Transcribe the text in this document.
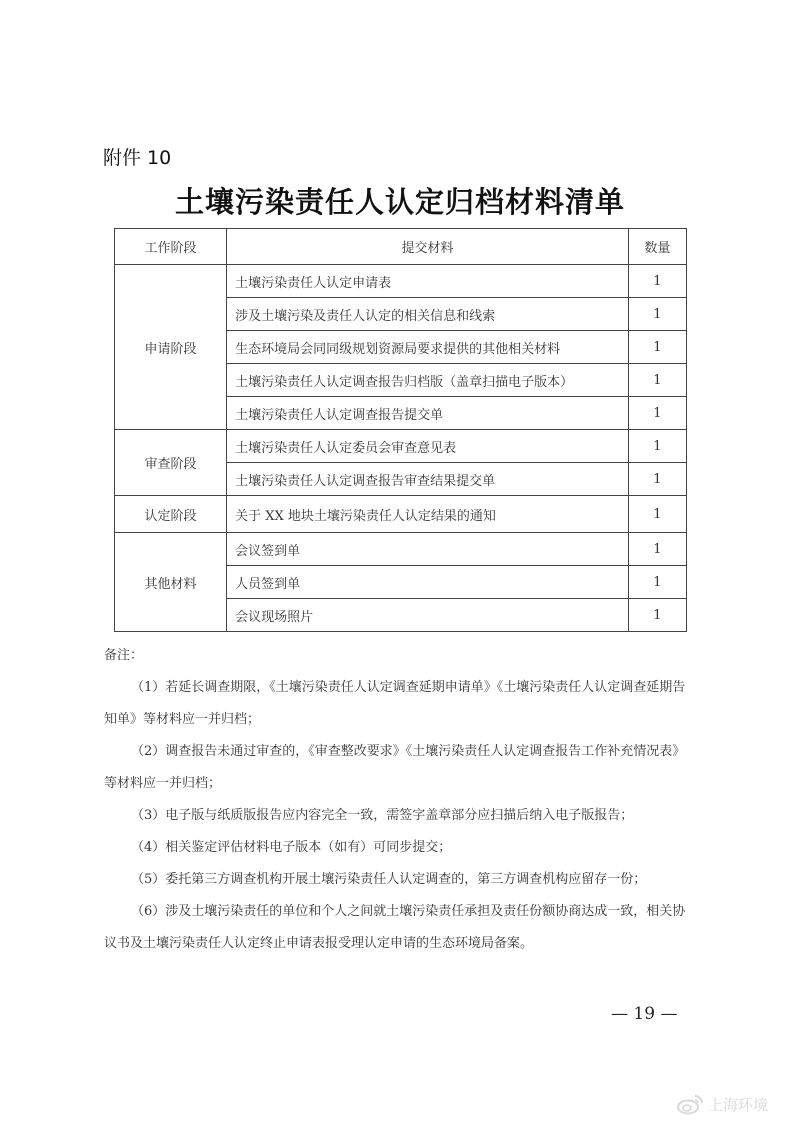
附件 10
土壤污染责任人认定归档材料清单
工作阶段	提交材料	数量
申请阶段	土壤污染责任人认定申请表	1
	涉及土壤污染及责任人认定的相关信息和线索	1
	生态环境局会同同级规划资源局要求提供的其他相关材料	1
	土壤污染责任人认定调查报告归档版（盖章扫描电子版本）	1
	土壤污染责任人认定调查报告提交单	1
审查阶段	土壤污染责任人认定委员会审查意见表	1
	土壤污染责任人认定调查报告审查结果提交单	1
认定阶段	关于 XX 地块土壤污染责任人认定结果的通知	1
其他材料	会议签到单	1
	人员签到单	1
	会议现场照片	1

备注：

（1）若延长调查期限，《土壤污染责任人认定调查延期申请单》《土壤污染责任人认定调查延期告知单》等材料应一并归档；

（2）调查报告未通过审查的，《审查整改要求》《土壤污染责任人认定调查报告工作补充情况表》等材料应一并归档；

（3）电子版与纸质版报告应内容完全一致，需签字盖章部分应扫描后纳入电子版报告；

（4）相关鉴定评估材料电子版本（如有）可同步提交；

（5）委托第三方调查机构开展土壤污染责任人认定调查的，第三方调查机构应留存一份；

（6）涉及土壤污染责任的单位和个人之间就土壤污染责任承担及责任份额协商达成一致，相关协议书及土壤污染责任人认定终止申请表报受理认定申请的生态环境局备案。

— 19 —
上海环境
